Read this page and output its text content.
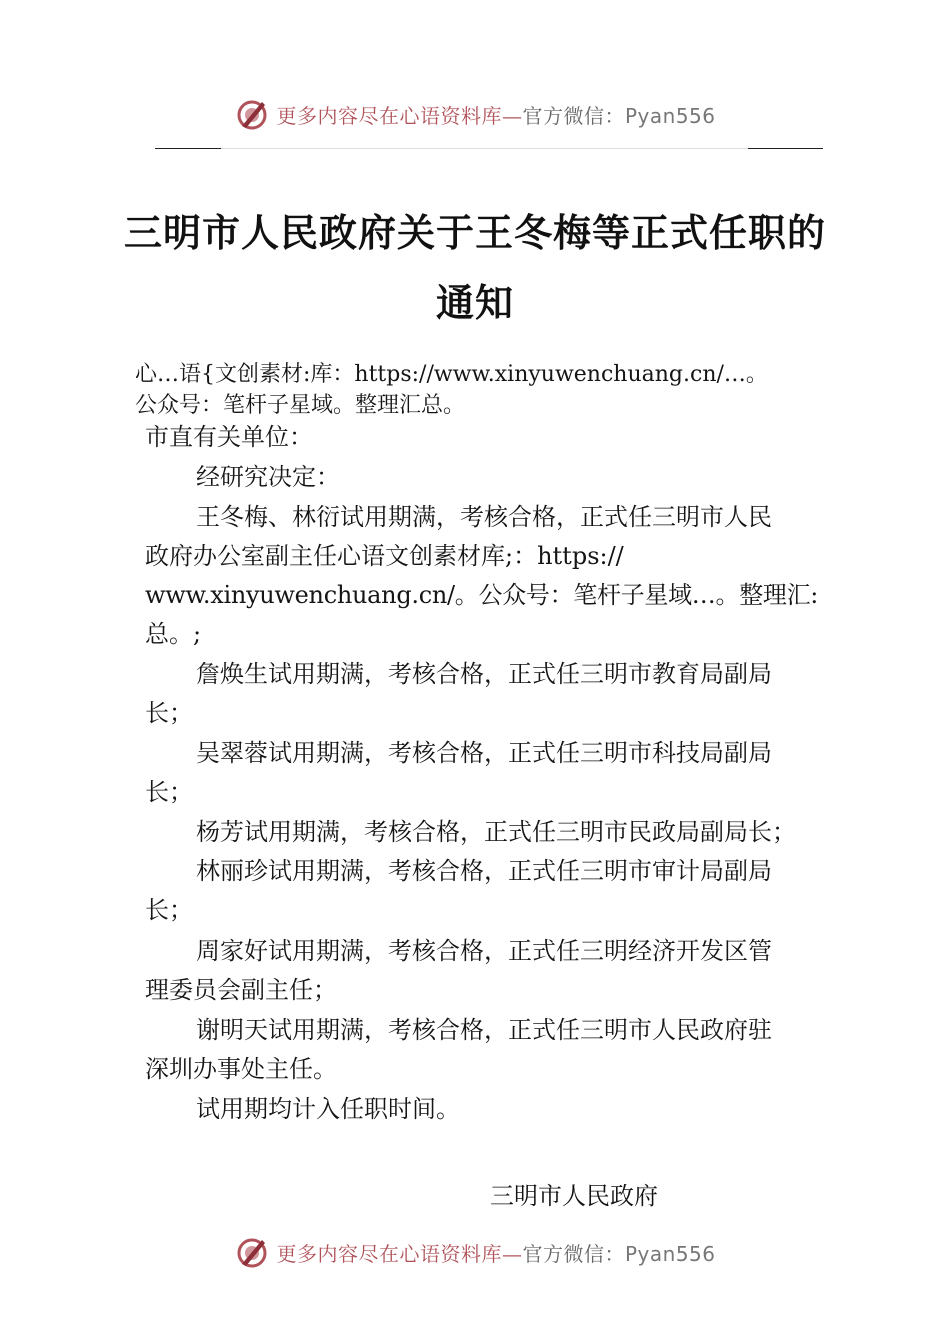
更多内容尽在心语资料库—官方微信：Pyan556
三明市人民政府关于王冬梅等正式任职的
通知
心…语{文创素材:库：https://www.xinyuwenchuang.cn/…。
公众号：笔杆子星域。整理汇总。
市直有关单位：
经研究决定：
王冬梅、林衍试用期满，考核合格，正式任三明市人民
政府办公室副主任心语文创素材库;：https://
www.xinyuwenchuang.cn/。公众号：笔杆子星域…。整理汇:
总。;
詹焕生试用期满，考核合格，正式任三明市教育局副局
长；
吴翠蓉试用期满，考核合格，正式任三明市科技局副局
长；
杨芳试用期满，考核合格，正式任三明市民政局副局长；
林丽珍试用期满，考核合格，正式任三明市审计局副局
长；
周家好试用期满，考核合格，正式任三明经济开发区管
理委员会副主任；
谢明天试用期满，考核合格，正式任三明市人民政府驻
深圳办事处主任。
试用期均计入任职时间。
三明市人民政府
更多内容尽在心语资料库—官方微信：Pyan556
